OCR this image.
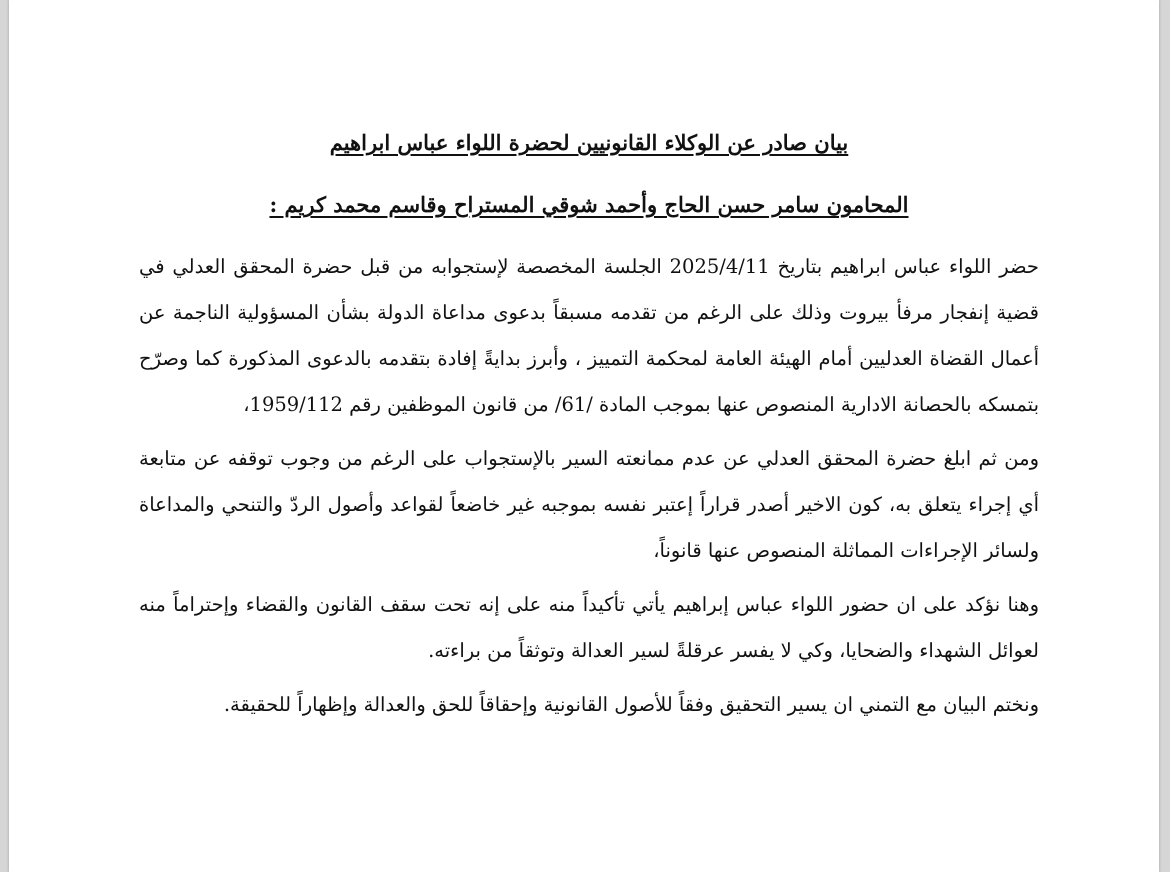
بيان صادر عن الوكلاء القانونيين لحضرة اللواء عباس ابراهيم

المحامون سامر حسن الحاج وأحمد شوقي المستراح وقاسم محمد كريم :

حضر اللواء عباس ابراهيم بتاريخ 2025/4/11 الجلسة المخصصة لإستجوابه من قبل حضرة المحقق العدلي في قضية إنفجار مرفأ بيروت وذلك على الرغم من تقدمه مسبقاً بدعوى مداعاة الدولة بشأن المسؤولية الناجمة عن أعمال القضاة العدليين أمام الهيئة العامة لمحكمة التمييز ، وأبرز بدايةً إفادة بتقدمه بالدعوى المذكورة كما وصرّح بتمسكه بالحصانة الادارية المنصوص عنها بموجب المادة /61/ من قانون الموظفين رقم 1959/112،

ومن ثم ابلغ حضرة المحقق العدلي عن عدم ممانعته السير بالإستجواب على الرغم من وجوب توقفه عن متابعة أي إجراء يتعلق به، كون الاخير أصدر قراراً إعتبر نفسه بموجبه غير خاضعاً لقواعد وأصول الردّ والتنحي والمداعاة ولسائر الإجراءات المماثلة المنصوص عنها قانوناً،

وهنا نؤكد على ان حضور اللواء عباس إبراهيم يأتي تأكيداً منه على إنه تحت سقف القانون والقضاء وإحتراماً منه لعوائل الشهداء والضحايا، وكي لا يفسر عرقلةً لسير العدالة وتوثقاً من براءته.

ونختم البيان مع التمني ان يسير التحقيق وفقاً للأصول القانونية وإحقاقاً للحق والعدالة وإظهاراً للحقيقة.
